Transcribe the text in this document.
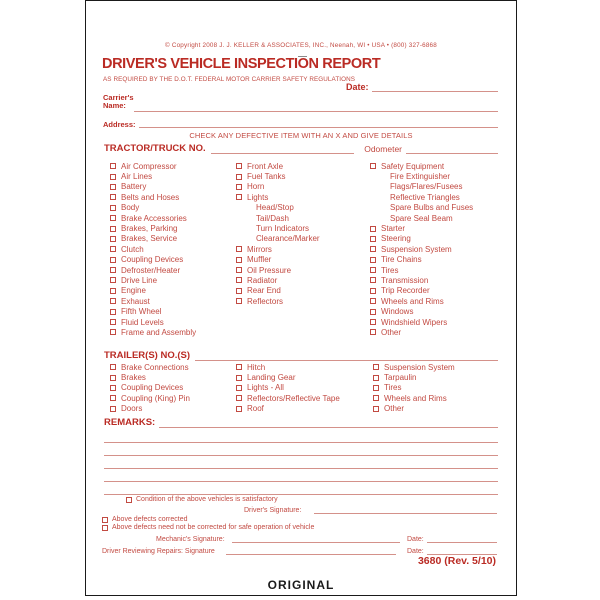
© Copyright 2008 J. J. KELLER & ASSOCIATES, INC., Neenah, WI • USA • (800) 327-6868
DRIVER'S VEHICLE INSPECTION REPORT
AS REQUIRED BY THE D.O.T. FEDERAL MOTOR CARRIER SAFETY REGULATIONS
Date:
Carrier's
Name:
Address:
CHECK ANY DEFECTIVE ITEM WITH AN X AND GIVE DETAILS
TRACTOR/TRUCK NO.	Odometer
Air Compressor
Air Lines
Battery
Belts and Hoses
Body
Brake Accessories
Brakes, Parking
Brakes, Service
Clutch
Coupling Devices
Defroster/Heater
Drive Line
Engine
Exhaust
Fifth Wheel
Fluid Levels
Frame and Assembly
Front Axle
Fuel Tanks
Horn
Lights
Head/Stop
Tail/Dash
Turn Indicators
Clearance/Marker
Mirrors
Muffler
Oil Pressure
Radiator
Rear End
Reflectors
Safety Equipment
Fire Extinguisher
Flags/Flares/Fusees
Reflective Triangles
Spare Bulbs and Fuses
Spare Seal Beam
Starter
Steering
Suspension System
Tire Chains
Tires
Transmission
Trip Recorder
Wheels and Rims
Windows
Windshield Wipers
Other
TRAILER(S) NO.(S)
Brake Connections
Brakes
Coupling Devices
Coupling (King) Pin
Doors
Hitch
Landing Gear
Lights - All
Reflectors/Reflective Tape
Roof
Suspension System
Tarpaulin
Tires
Wheels and Rims
Other
REMARKS:
Condition of the above vehicles is satisfactory
Driver's Signature:
Above defects corrected
Above defects need not be corrected for safe operation of vehicle
Mechanic's Signature:	Date:
Driver Reviewing Repairs: Signature	Date:
3680 (Rev. 5/10)
ORIGINAL
